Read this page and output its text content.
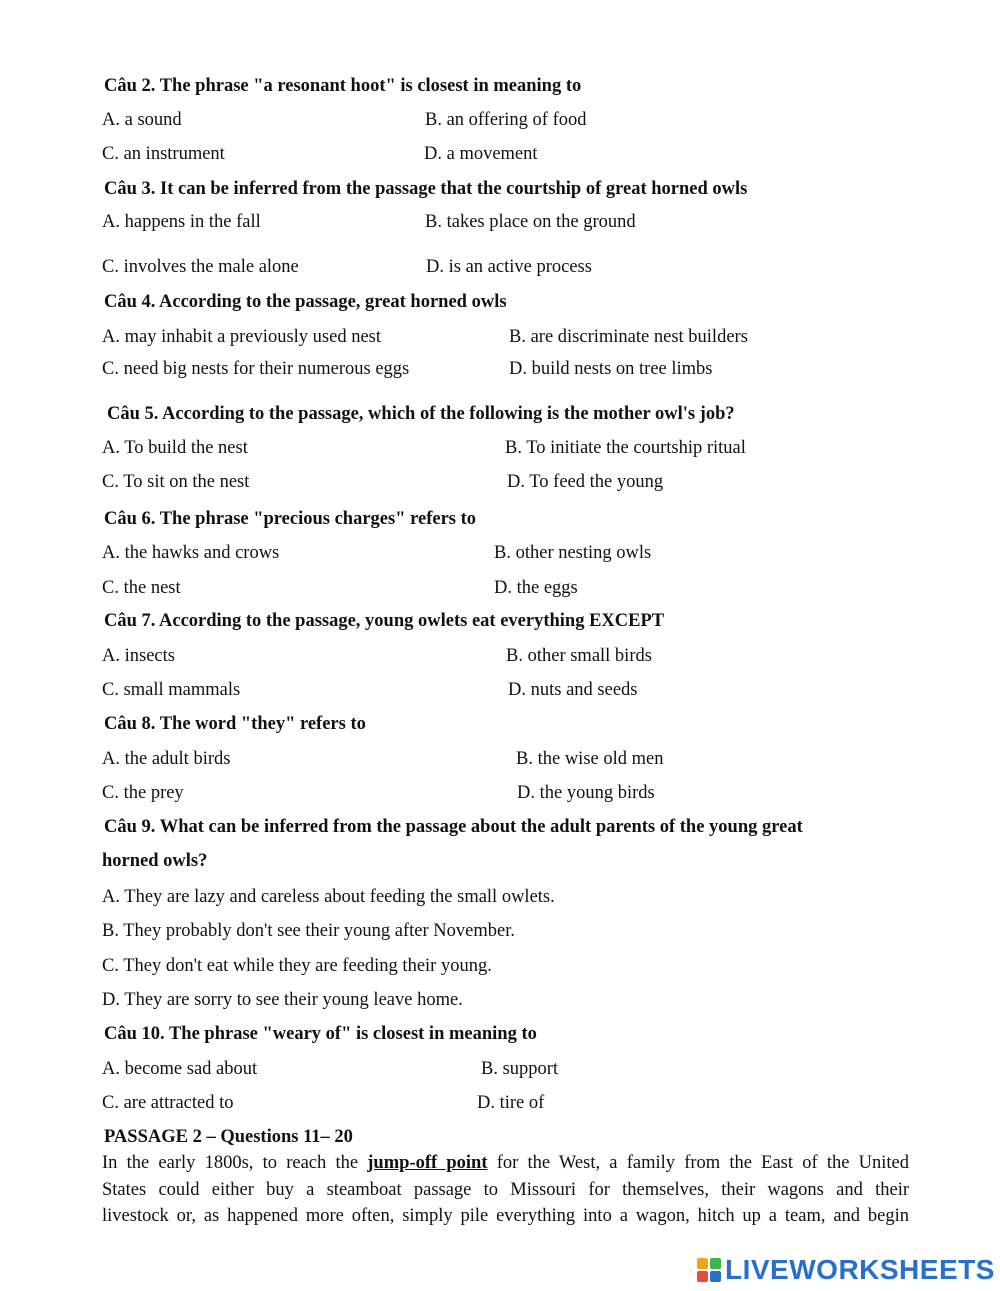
Câu 2. The phrase "a resonant hoot" is closest in meaning to
A. a sound	B. an offering of food
C. an instrument	D. a movement
Câu 3. It can be inferred from the passage that the courtship of great horned owls
A. happens in the fall	B. takes place on the ground
C. involves the male alone	D. is an active process
Câu 4. According to the passage, great horned owls
A. may inhabit a previously used nest	B. are discriminate nest builders
C. need big nests for their numerous eggs	D. build nests on tree limbs
Câu 5. According to the passage, which of the following is the mother owl's job?
A. To build the nest	B. To initiate the courtship ritual
C. To sit on the nest	D. To feed the young
Câu 6. The phrase "precious charges" refers to
A. the hawks and crows	B. other nesting owls
C. the nest	D. the eggs
Câu 7. According to the passage, young owlets eat everything EXCEPT
A. insects	B. other small birds
C. small mammals	D. nuts and seeds
Câu 8. The word "they" refers to
A. the adult birds	B. the wise old men
C. the prey	D. the young birds
Câu 9. What can be inferred from the passage about the adult parents of the young great
horned owls?
A. They are lazy and careless about feeding the small owlets.
B. They probably don't see their young after November.
C. They don't eat while they are feeding their young.
D. They are sorry to see their young leave home.
Câu 10. The phrase "weary of" is closest in meaning to
A. become sad about	B. support
C. are attracted to	D. tire of
PASSAGE 2 – Questions 11– 20

In the early 1800s, to reach the jump-off point for the West, a family from the East of the United

States could either buy a steamboat passage to Missouri for themselves, their wagons and their

livestock or, as happened more often, simply pile everything into a wagon, hitch up a team, and begin

LIVEWORKSHEETS
